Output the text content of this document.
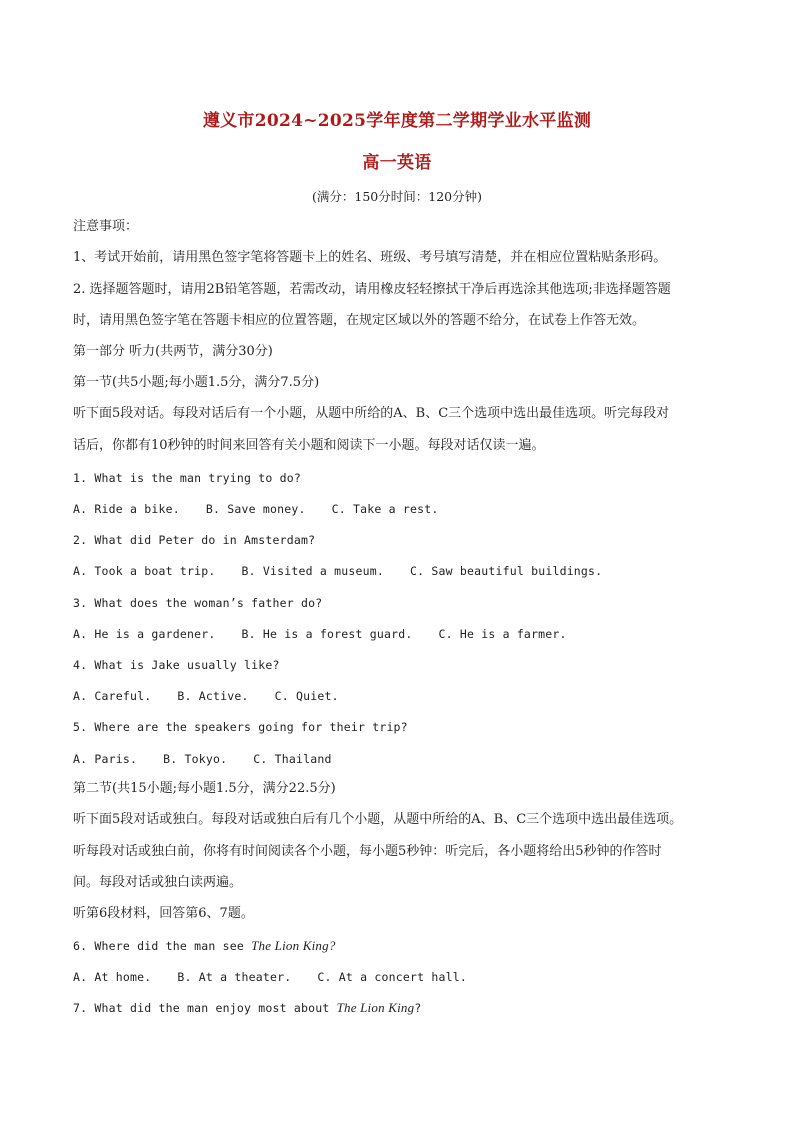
遵义市2024~2025学年度第二学期学业水平监测
高一英语
(满分：150分时间：120分钟)
注意事项：
1、考试开始前，请用黑色签字笔将答题卡上的姓名、班级、考号填写清楚，并在相应位置粘贴条形码。
2. 选择题答题时，请用2B铅笔答题，若需改动，请用橡皮轻轻擦拭干净后再选涂其他选项;非选择题答题
时，请用黑色签字笔在答题卡相应的位置答题，在规定区域以外的答题不给分，在试卷上作答无效。
第一部分 听力(共两节，满分30分)
第一节(共5小题;每小题1.5分，满分7.5分)
听下面5段对话。每段对话后有一个小题，从题中所给的A、B、C三个选项中选出最佳选项。听完每段对
话后，你都有10秒钟的时间来回答有关小题和阅读下一小题。每段对话仅读一遍。
1. What is the man trying to do?
A. Ride a bike. B. Save money. C. Take a rest.
2. What did Peter do in Amsterdam?
A. Took a boat trip. B. Visited a museum. C. Saw beautiful buildings.
3. What does the woman’s father do?
A. He is a gardener. B. He is a forest guard. C. He is a farmer.
4. What is Jake usually like?
A. Careful. B. Active. C. Quiet.
5. Where are the speakers going for their trip?
A. Paris. B. Tokyo. C. Thailand
第二节(共15小题;每小题1.5分，满分22.5分)
听下面5段对话或独白。每段对话或独白后有几个小题，从题中所给的A、B、C三个选项中选出最佳选项。
听每段对话或独白前，你将有时间阅读各个小题，每小题5秒钟：听完后，各小题将给出5秒钟的作答时
间。每段对话或独白读两遍。
听第6段材料，回答第6、7题。
6. Where did the man see The Lion King?
A. At home. B. At a theater. C. At a concert hall.
7. What did the man enjoy most about The Lion King?
